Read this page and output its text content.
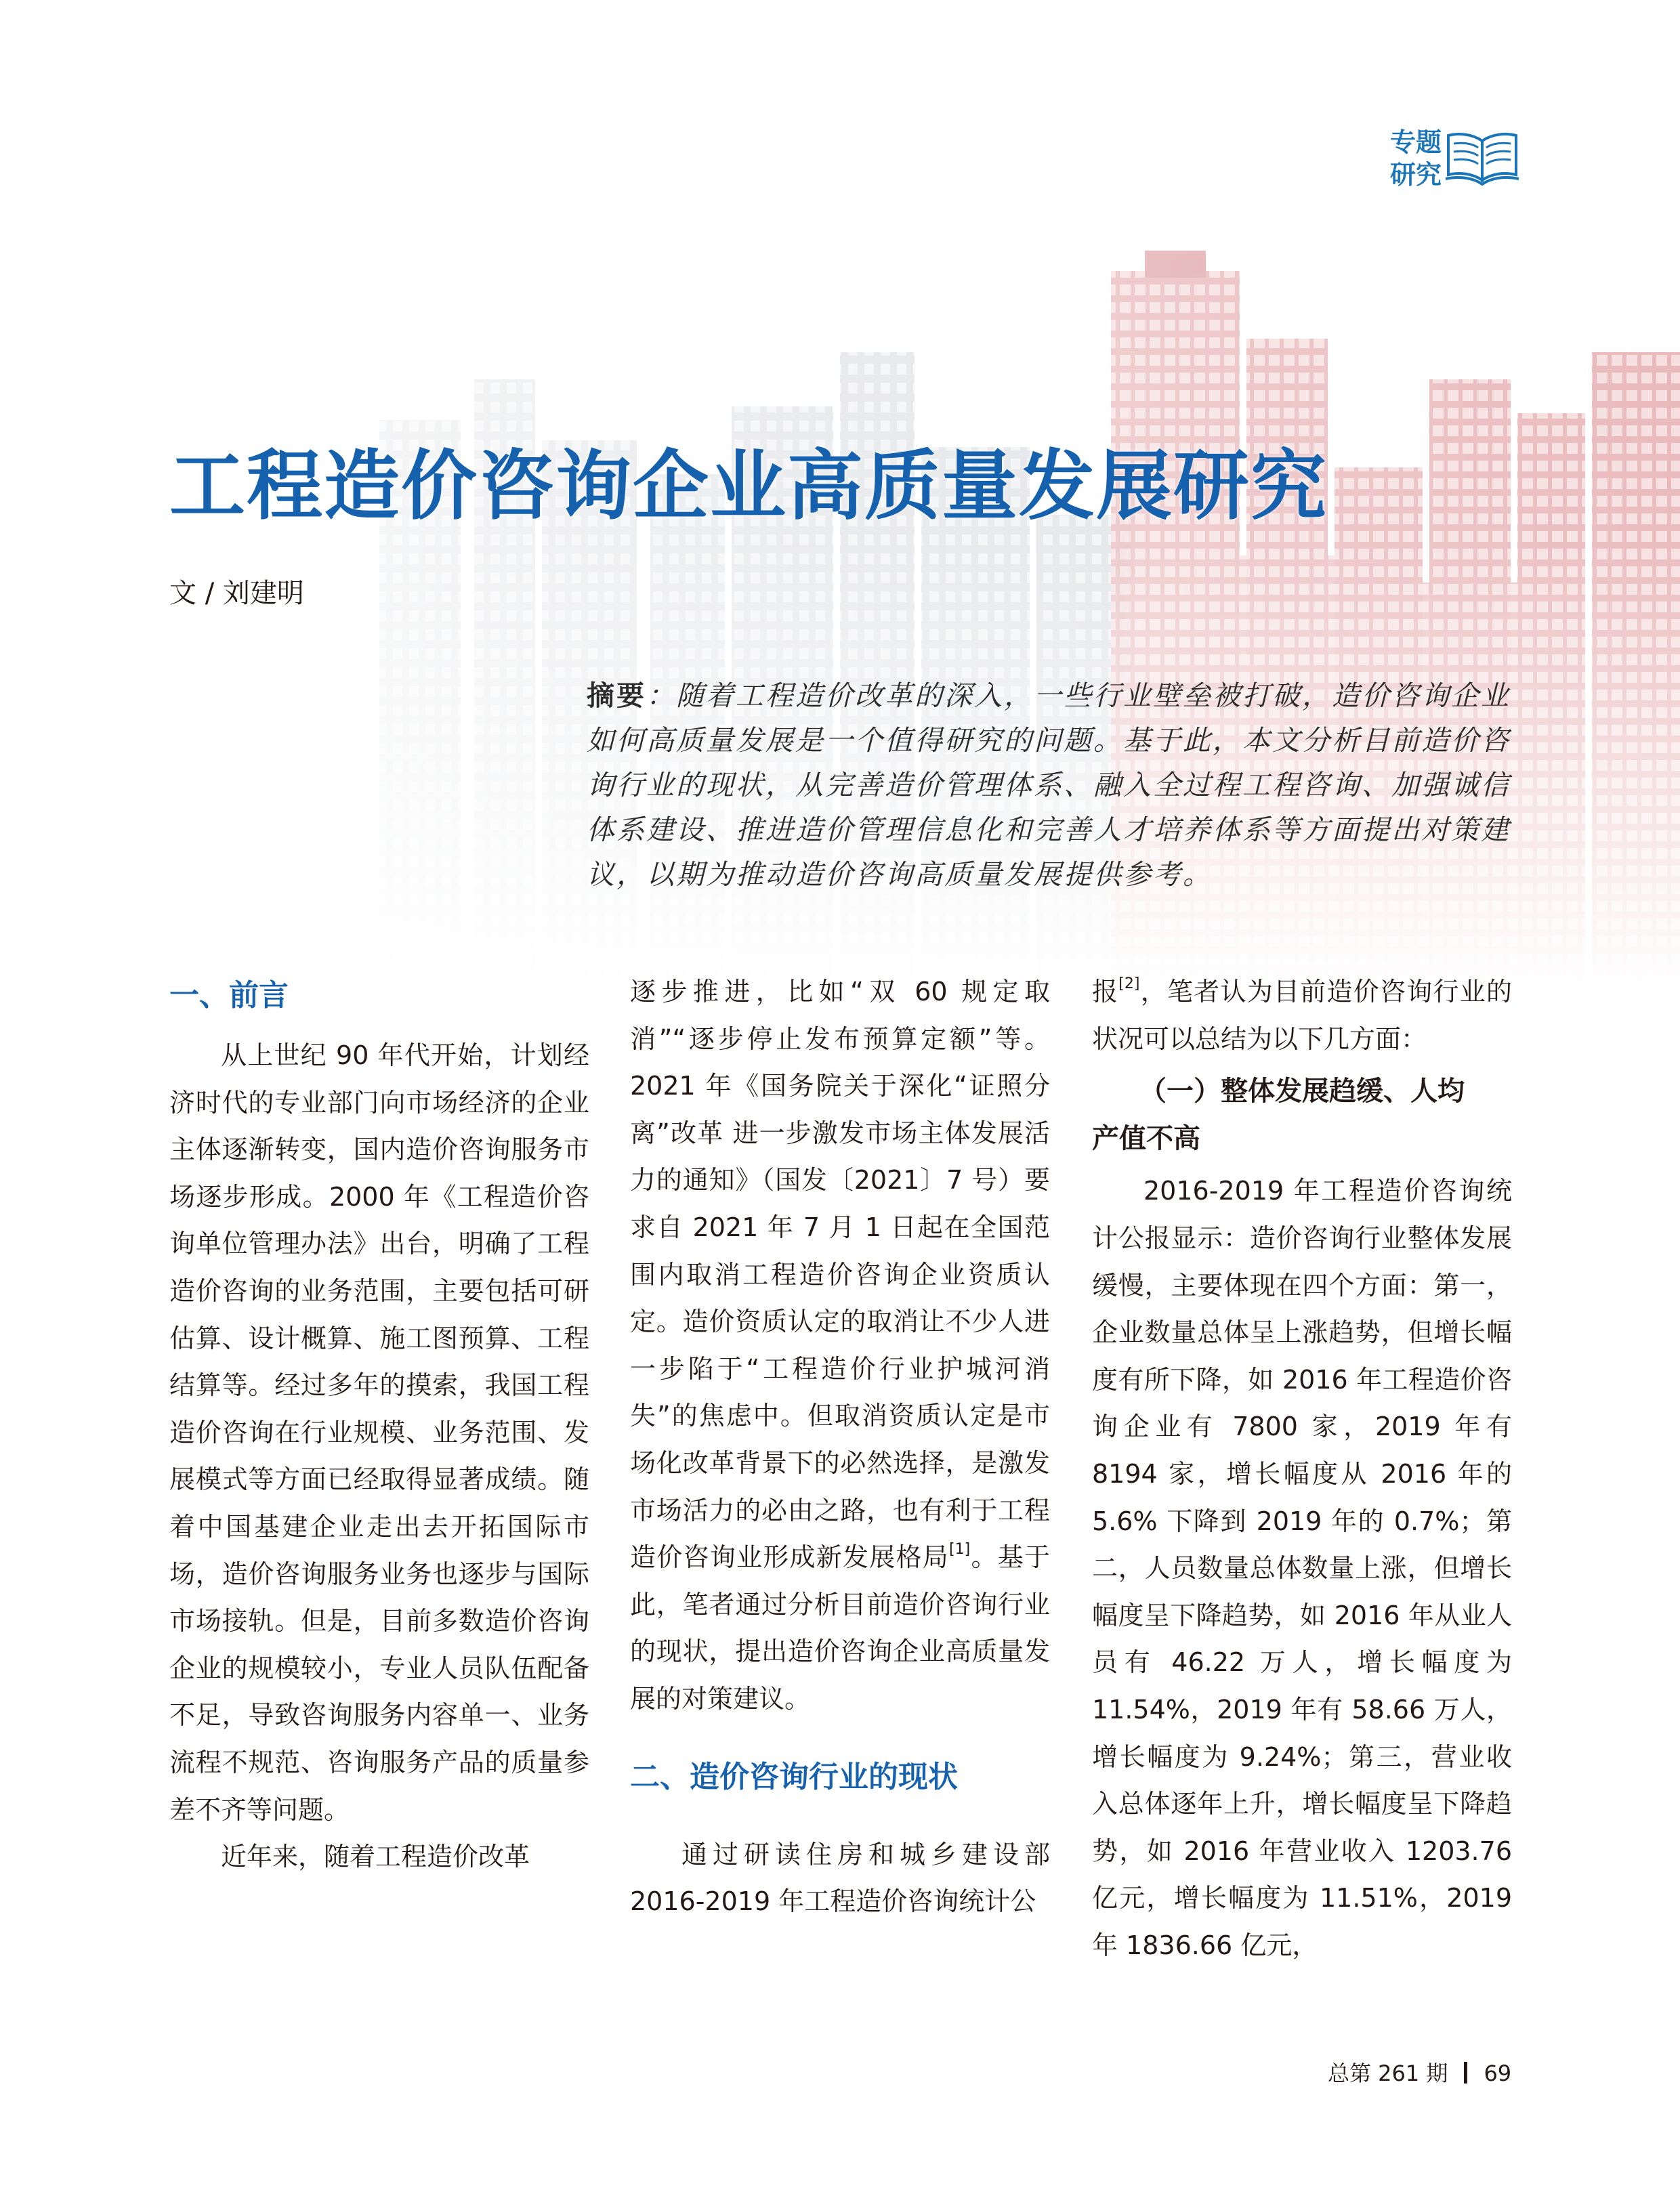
专题
研究
工程造价咨询企业高质量发展研究
文 / 刘建明
摘要：随着工程造价改革的深入，一些行业壁垒被打破，造价咨询企业如何高质量发展是一个值得研究的问题。基于此，本文分析目前造价咨询行业的现状，从完善造价管理体系、融入全过程工程咨询、加强诚信体系建设、推进造价管理信息化和完善人才培养体系等方面提出对策建议，以期为推动造价咨询高质量发展提供参考。

一、前言

从上世纪 90 年代开始，计划经济时代的专业部门向市场经济的企业主体逐渐转变，国内造价咨询服务市场逐步形成。2000 年《工程造价咨询单位管理办法》出台，明确了工程造价咨询的业务范围，主要包括可研估算、设计概算、施工图预算、工程结算等。经过多年的摸索，我国工程造价咨询在行业规模、业务范围、发展模式等方面已经取得显著成绩。随着中国基建企业走出去开拓国际市场，造价咨询服务业务也逐步与国际市场接轨。但是，目前多数造价咨询企业的规模较小，专业人员队伍配备不足，导致咨询服务内容单一、业务流程不规范、咨询服务产品的质量参差不齐等问题。

近年来，随着工程造价改革

逐步推进，比如“双 60 规定取消”“逐步停止发布预算定额”等。2021 年《国务院关于深化“证照分离”改革 进一步激发市场主体发展活力的通知》（国发〔2021〕7 号）要求自 2021 年 7 月 1 日起在全国范围内取消工程造价咨询企业资质认定。造价资质认定的取消让不少人进一步陷于“工程造价行业护城河消失”的焦虑中。但取消资质认定是市场化改革背景下的必然选择，是激发市场活力的必由之路，也有利于工程造价咨询业形成新发展格局[1]。基于此，笔者通过分析目前造价咨询行业的现状，提出造价咨询企业高质量发展的对策建议。

二、造价咨询行业的现状

通过研读住房和城乡建设部 2016-2019 年工程造价咨询统计公

报[2]，笔者认为目前造价咨询行业的状况可以总结为以下几方面：

（一）整体发展趋缓、人均

产值不高

2016-2019 年工程造价咨询统计公报显示：造价咨询行业整体发展缓慢，主要体现在四个方面：第一，企业数量总体呈上涨趋势，但增长幅度有所下降，如 2016 年工程造价咨询企业有 7800 家，2019 年有 8194 家，增长幅度从 2016 年的 5.6% 下降到 2019 年的 0.7%；第二，人员数量总体数量上涨，但增长幅度呈下降趋势，如 2016 年从业人员有 46.22 万人，增长幅度为 11.54%，2019 年有 58.66 万人，增长幅度为 9.24%；第三，营业收入总体逐年上升，增长幅度呈下降趋势，如 2016 年营业收入 1203.76 亿元，增长幅度为 11.51%，2019 年 1836.66 亿元，

总第 261 期 69
